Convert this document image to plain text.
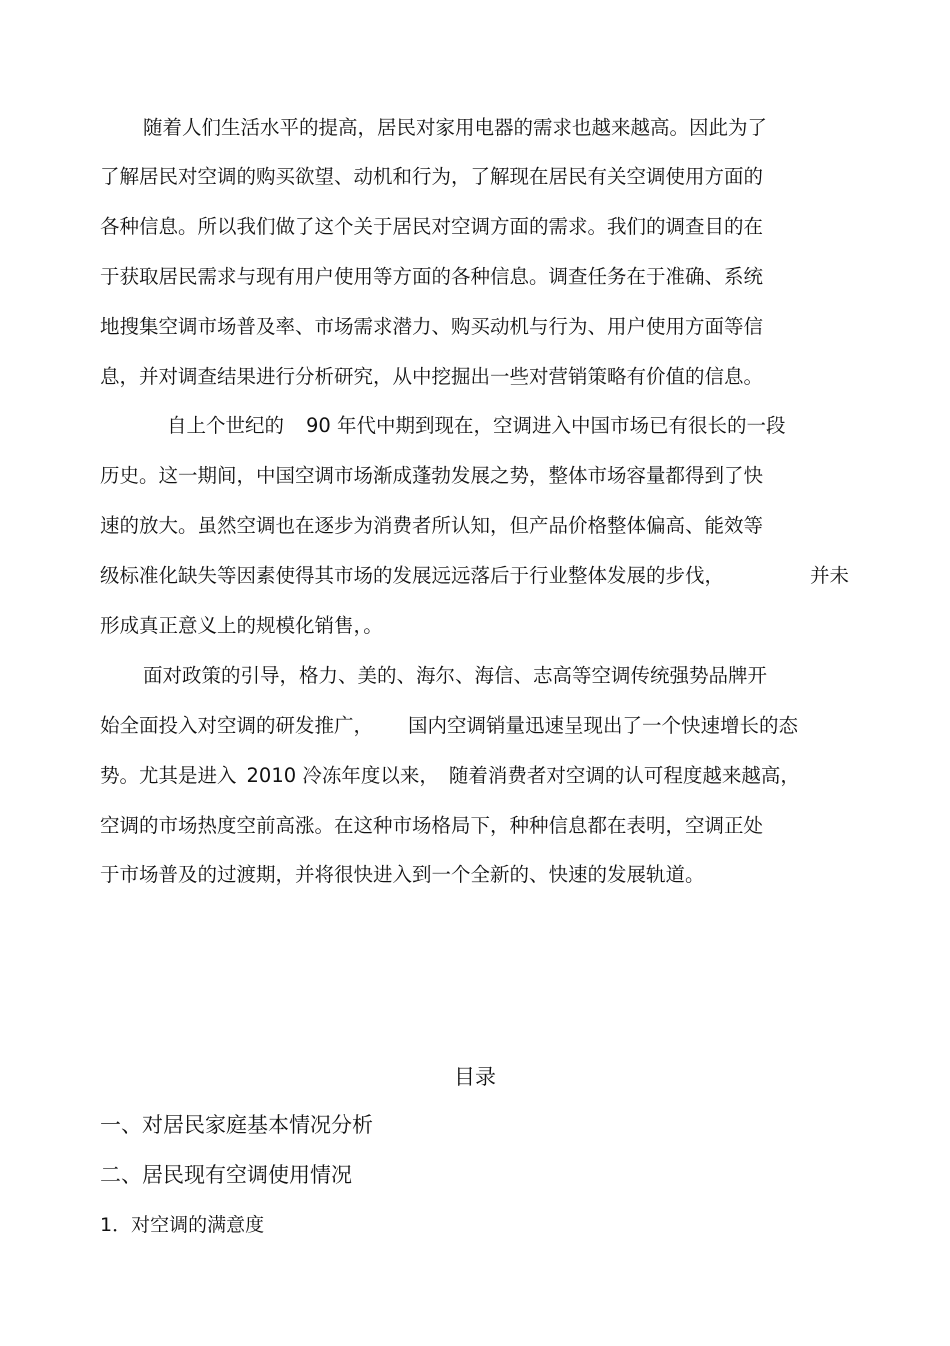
随着人们生活水平的提高，居民对家用电器的需求也越来越高。因此为了

了解居民对空调的购买欲望、动机和行为，了解现在居民有关空调使用方面的

各种信息。所以我们做了这个关于居民对空调方面的需求。我们的调查目的在

于获取居民需求与现有用户使用等方面的各种信息。调查任务在于准确、系统

地搜集空调市场普及率、市场需求潜力、购买动机与行为、用户使用方面等信

息，并对调查结果进行分析研究，从中挖掘出一些对营销策略有价值的信息。

自上个世纪的 90 年代中期到现在，空调进入中国市场已有很长的一段

历史。这一期间，中国空调市场渐成蓬勃发展之势，整体市场容量都得到了快

速的放大。虽然空调也在逐步为消费者所认知，但产品价格整体偏高、能效等

级标准化缺失等因素使得其市场的发展远远落后于行业整体发展的步伐，	并未

形成真正意义上的规模化销售，。

面对政策的引导，格力、美的、海尔、海信、志高等空调传统强势品牌开

始全面投入对空调的研发推广， 国内空调销量迅速呈现出了一个快速增长的态

势。尤其是进入 2010 冷冻年度以来， 随着消费者对空调的认可程度越来越高，

空调的市场热度空前高涨。在这种市场格局下，种种信息都在表明，空调正处

于市场普及的过渡期，并将很快进入到一个全新的、快速的发展轨道。

目录

一、对居民家庭基本情况分析

二、居民现有空调使用情况

1．对空调的满意度
